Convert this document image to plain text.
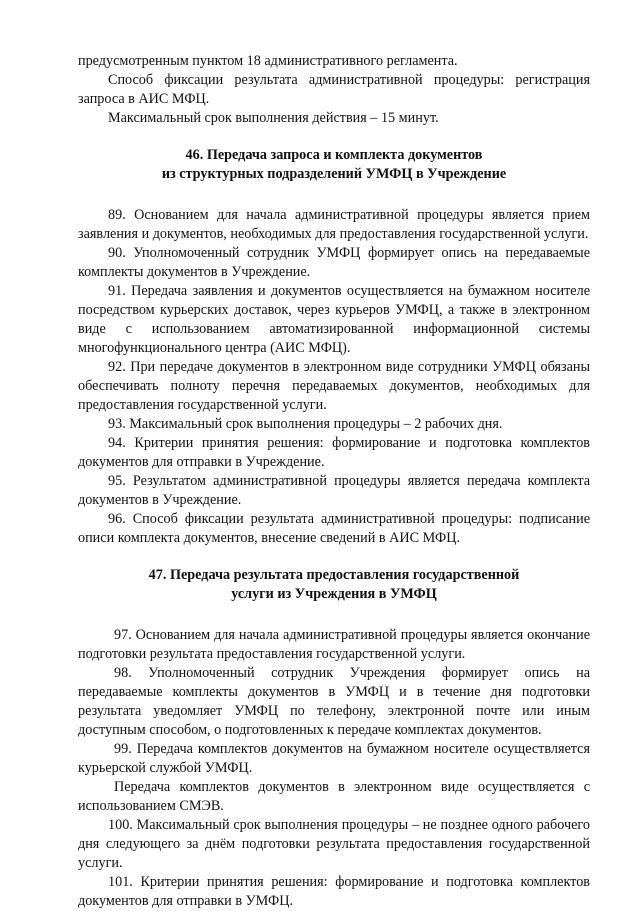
предусмотренным пунктом 18 административного регламента.

Способ фиксации результата административной процедуры: регистрация запроса в АИС МФЦ.

Максимальный срок выполнения действия – 15 минут.

46. Передача запроса и комплекта документов

из структурных подразделений УМФЦ в Учреждение

89. Основанием для начала административной процедуры является прием заявления и документов, необходимых для предоставления государственной услуги.

90. Уполномоченный сотрудник УМФЦ формирует опись на передаваемые комплекты документов в Учреждение.

91. Передача заявления и документов осуществляется на бумажном носителе посредством курьерских доставок, через курьеров УМФЦ, а также в электронном виде с использованием автоматизированной информационной системы многофункционального центра (АИС МФЦ).

92. При передаче документов в электронном виде сотрудники УМФЦ обязаны обеспечивать полноту перечня передаваемых документов, необходимых для предоставления государственной услуги.

93. Максимальный срок выполнения процедуры – 2 рабочих дня.

94. Критерии принятия решения: формирование и подготовка комплектов документов для отправки в Учреждение.

95. Результатом административной процедуры является передача комплекта документов в Учреждение.

96. Способ фиксации результата административной процедуры: подписание описи комплекта документов, внесение сведений в АИС МФЦ.

47. Передача результата предоставления государственной

услуги из Учреждения в УМФЦ

97. Основанием для начала административной процедуры является окончание подготовки результата предоставления государственной услуги.

98. Уполномоченный сотрудник Учреждения формирует опись на передаваемые комплекты документов в УМФЦ и в течение дня подготовки результата уведомляет УМФЦ по телефону, электронной почте или иным доступным способом, о подготовленных к передаче комплектах документов.

99. Передача комплектов документов на бумажном носителе осуществляется курьерской службой УМФЦ.

Передача комплектов документов в электронном виде осуществляется с использованием СМЭВ.

100. Максимальный срок выполнения процедуры – не позднее одного рабочего дня следующего за днём подготовки результата предоставления государственной услуги.

101. Критерии принятия решения: формирование и подготовка комплектов документов для отправки в УМФЦ.
